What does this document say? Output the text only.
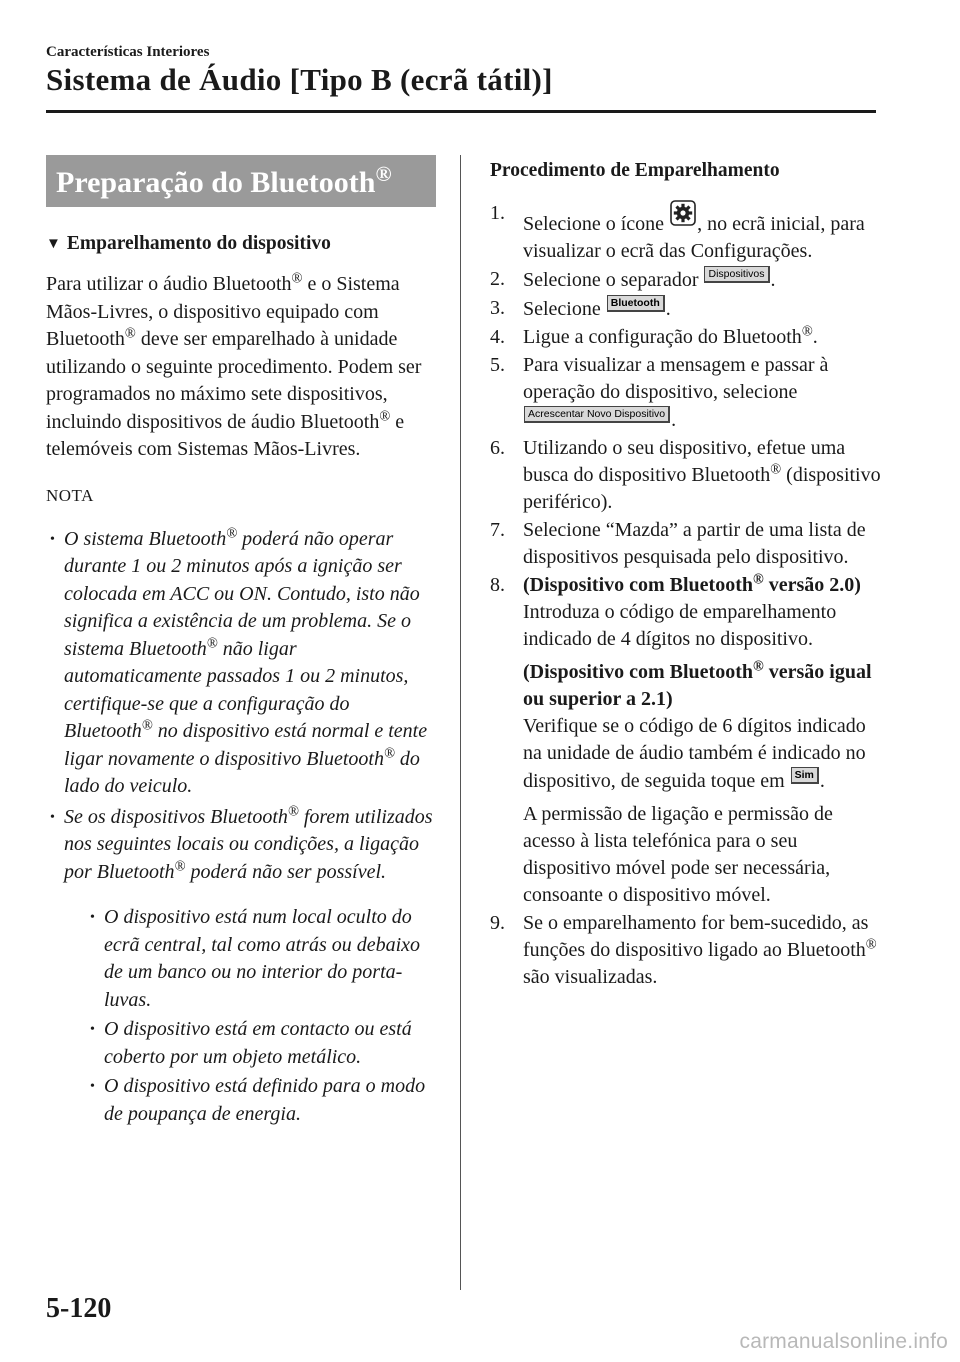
Características Interiores
Sistema de Áudio [Tipo B (ecrã tátil)]
Preparação do Bluetooth®
▼ Emparelhamento do dispositivo
Para utilizar o áudio Bluetooth® e o Sistema Mãos-Livres, o dispositivo equipado com Bluetooth® deve ser emparelhado à unidade utilizando o seguinte procedimento. Podem ser programados no máximo sete dispositivos, incluindo dispositivos de áudio Bluetooth® e telemóveis com Sistemas Mãos-Livres.
NOTA
• O sistema Bluetooth® poderá não operar durante 1 ou 2 minutos após a ignição ser colocada em ACC ou ON. Contudo, isto não significa a existência de um problema. Se o sistema Bluetooth® não ligar automaticamente passados 1 ou 2 minutos, certifique-se que a configuração do Bluetooth® no dispositivo está normal e tente ligar novamente o dispositivo Bluetooth® do lado do veiculo.
• Se os dispositivos Bluetooth® forem utilizados nos seguintes locais ou condições, a ligação por Bluetooth® poderá não ser possível.
• O dispositivo está num local oculto do ecrã central, tal como atrás ou debaixo de um banco ou no interior do porta-luvas.
• O dispositivo está em contacto ou está coberto por um objeto metálico.
• O dispositivo está definido para o modo de poupança de energia.
Procedimento de Emparelhamento
1. Selecione o ícone , no ecrã inicial, para visualizar o ecrã das Configurações.
2. Selecione o separador Dispositivos .
3. Selecione Bluetooth .
4. Ligue a configuração do Bluetooth®.
5. Para visualizar a mensagem e passar à operação do dispositivo, selecione
Acrescentar Novo Dispositivo .
6. Utilizando o seu dispositivo, efetue uma busca do dispositivo Bluetooth® (dispositivo periférico).
7. Selecione “Mazda” a partir de uma lista de dispositivos pesquisada pelo dispositivo.
8. (Dispositivo com Bluetooth® versão 2.0)
Introduza o código de emparelhamento indicado de 4 dígitos no dispositivo.
(Dispositivo com Bluetooth® versão igual ou superior a 2.1)
Verifique se o código de 6 dígitos indicado na unidade de áudio também é indicado no dispositivo, de seguida toque em Sim .
A permissão de ligação e permissão de acesso à lista telefónica para o seu dispositivo móvel pode ser necessária, consoante o dispositivo móvel.
9. Se o emparelhamento for bem-sucedido, as funções do dispositivo ligado ao Bluetooth® são visualizadas.
5-120
carmanualsonline.info
